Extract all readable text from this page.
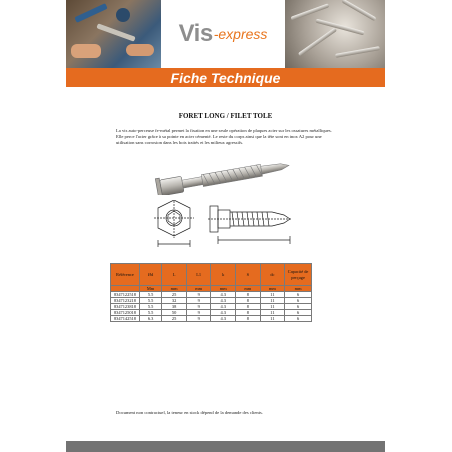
Vis -express
Fiche Technique
FORET LONG / FILET TOLE

La vis auto-perceuse fe-métal permet la fixation en une seule opération de plaques acier sur les ossatures métalliques. Elle perce l'acier grâce à sa pointe en acier cémenté. Le reste du corps ainsi que la tête sont en inox A2 pour une utilisation sans corrosion dans les bois traités et les milieux agressifs.

Référence	Ød	L	L1	k	S	dc	Capacité de perçage
	Mm	mm	mm	mm	mm	mm	mm
8347122518	5.5	25	9	4.3	8	11	6
8347123218	5.5	32	9	4.3	8	11	6
8347123818	5.5	38	9	4.3	8	11	6
8347125018	5.5	50	9	4.3	8	11	6
8347142518	6.3	25	9	4.3	8	11	6
Document non contractuel, la teneur en stock dépend de la demande des clients.
